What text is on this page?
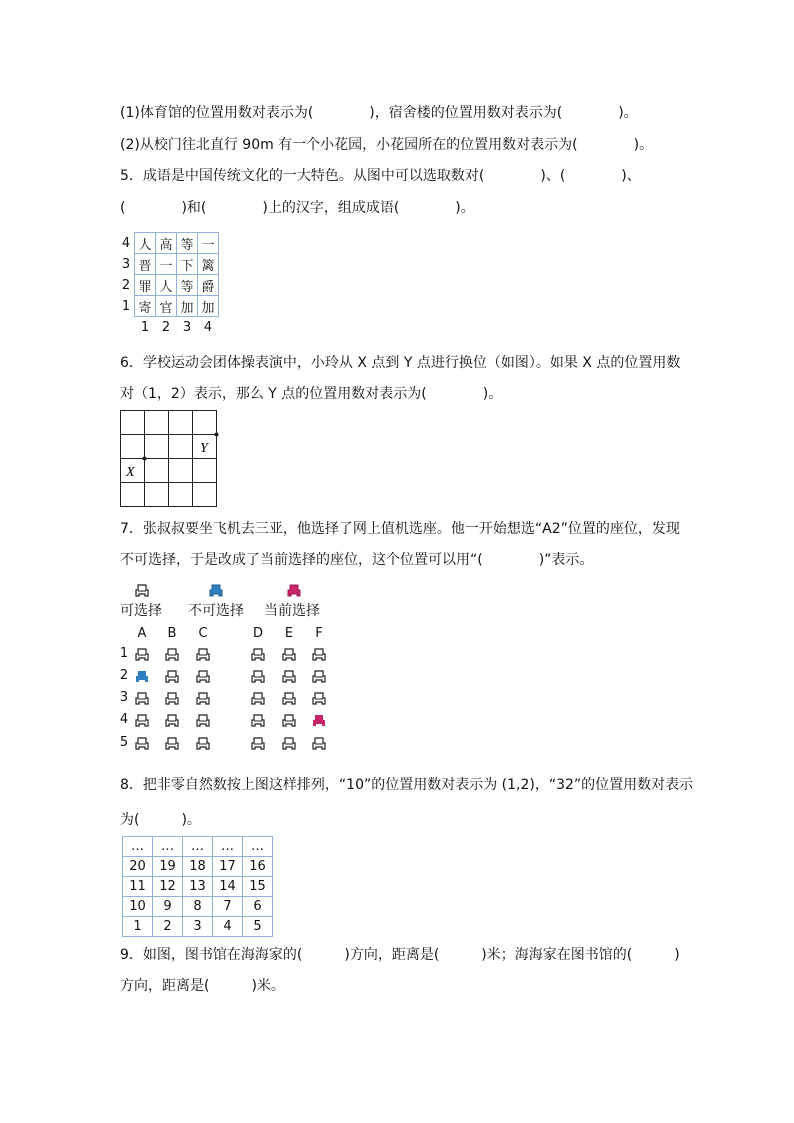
(1)体育馆的位置用数对表示为(　　　　)，宿舍楼的位置用数对表示为(　　　　)。
(2)从校门往北直行 90m 有一个小花园，小花园所在的位置用数对表示为(　　　　)。
5．成语是中国传统文化的一大特色。从图中可以选取数对(　　　　)、(　　　　)、
(　　　　)和(　　　　)上的汉字，组成成语(　　　　)。
4	人	高	等	一
3	晋	一	下	篱
2	罪	人	等	爵
1	寄	官	加	加
	1	2	3	4
6．学校运动会团体操表演中，小玲从 X 点到 Y 点进行换位（如图）。如果 X 点的位置用数
对（1，2）表示，那么 Y 点的位置用数对表示为(　　　　)。
X
Y
7．张叔叔要坐飞机去三亚，他选择了网上值机选座。他一开始想选“A2”位置的座位，发现
不可选择，于是改成了当前选择的座位，这个位置可以用“(　　　　)”表示。
可选择 不可选择 当前选择
A	B	C	D	E	F
1
2
3
4
5
8．把非零自然数按上图这样排列，“10”的位置用数对表示为 (1,2)，“32”的位置用数对表示
为(　　　)。
…	…	…	…	…
20	19	18	17	16
11	12	13	14	15
10	9	8	7	6
1	2	3	4	5
9．如图，图书馆在海海家的(　　　)方向，距离是(　　　)米；海海家在图书馆的(　　　)
方向，距离是(　　　)米。
